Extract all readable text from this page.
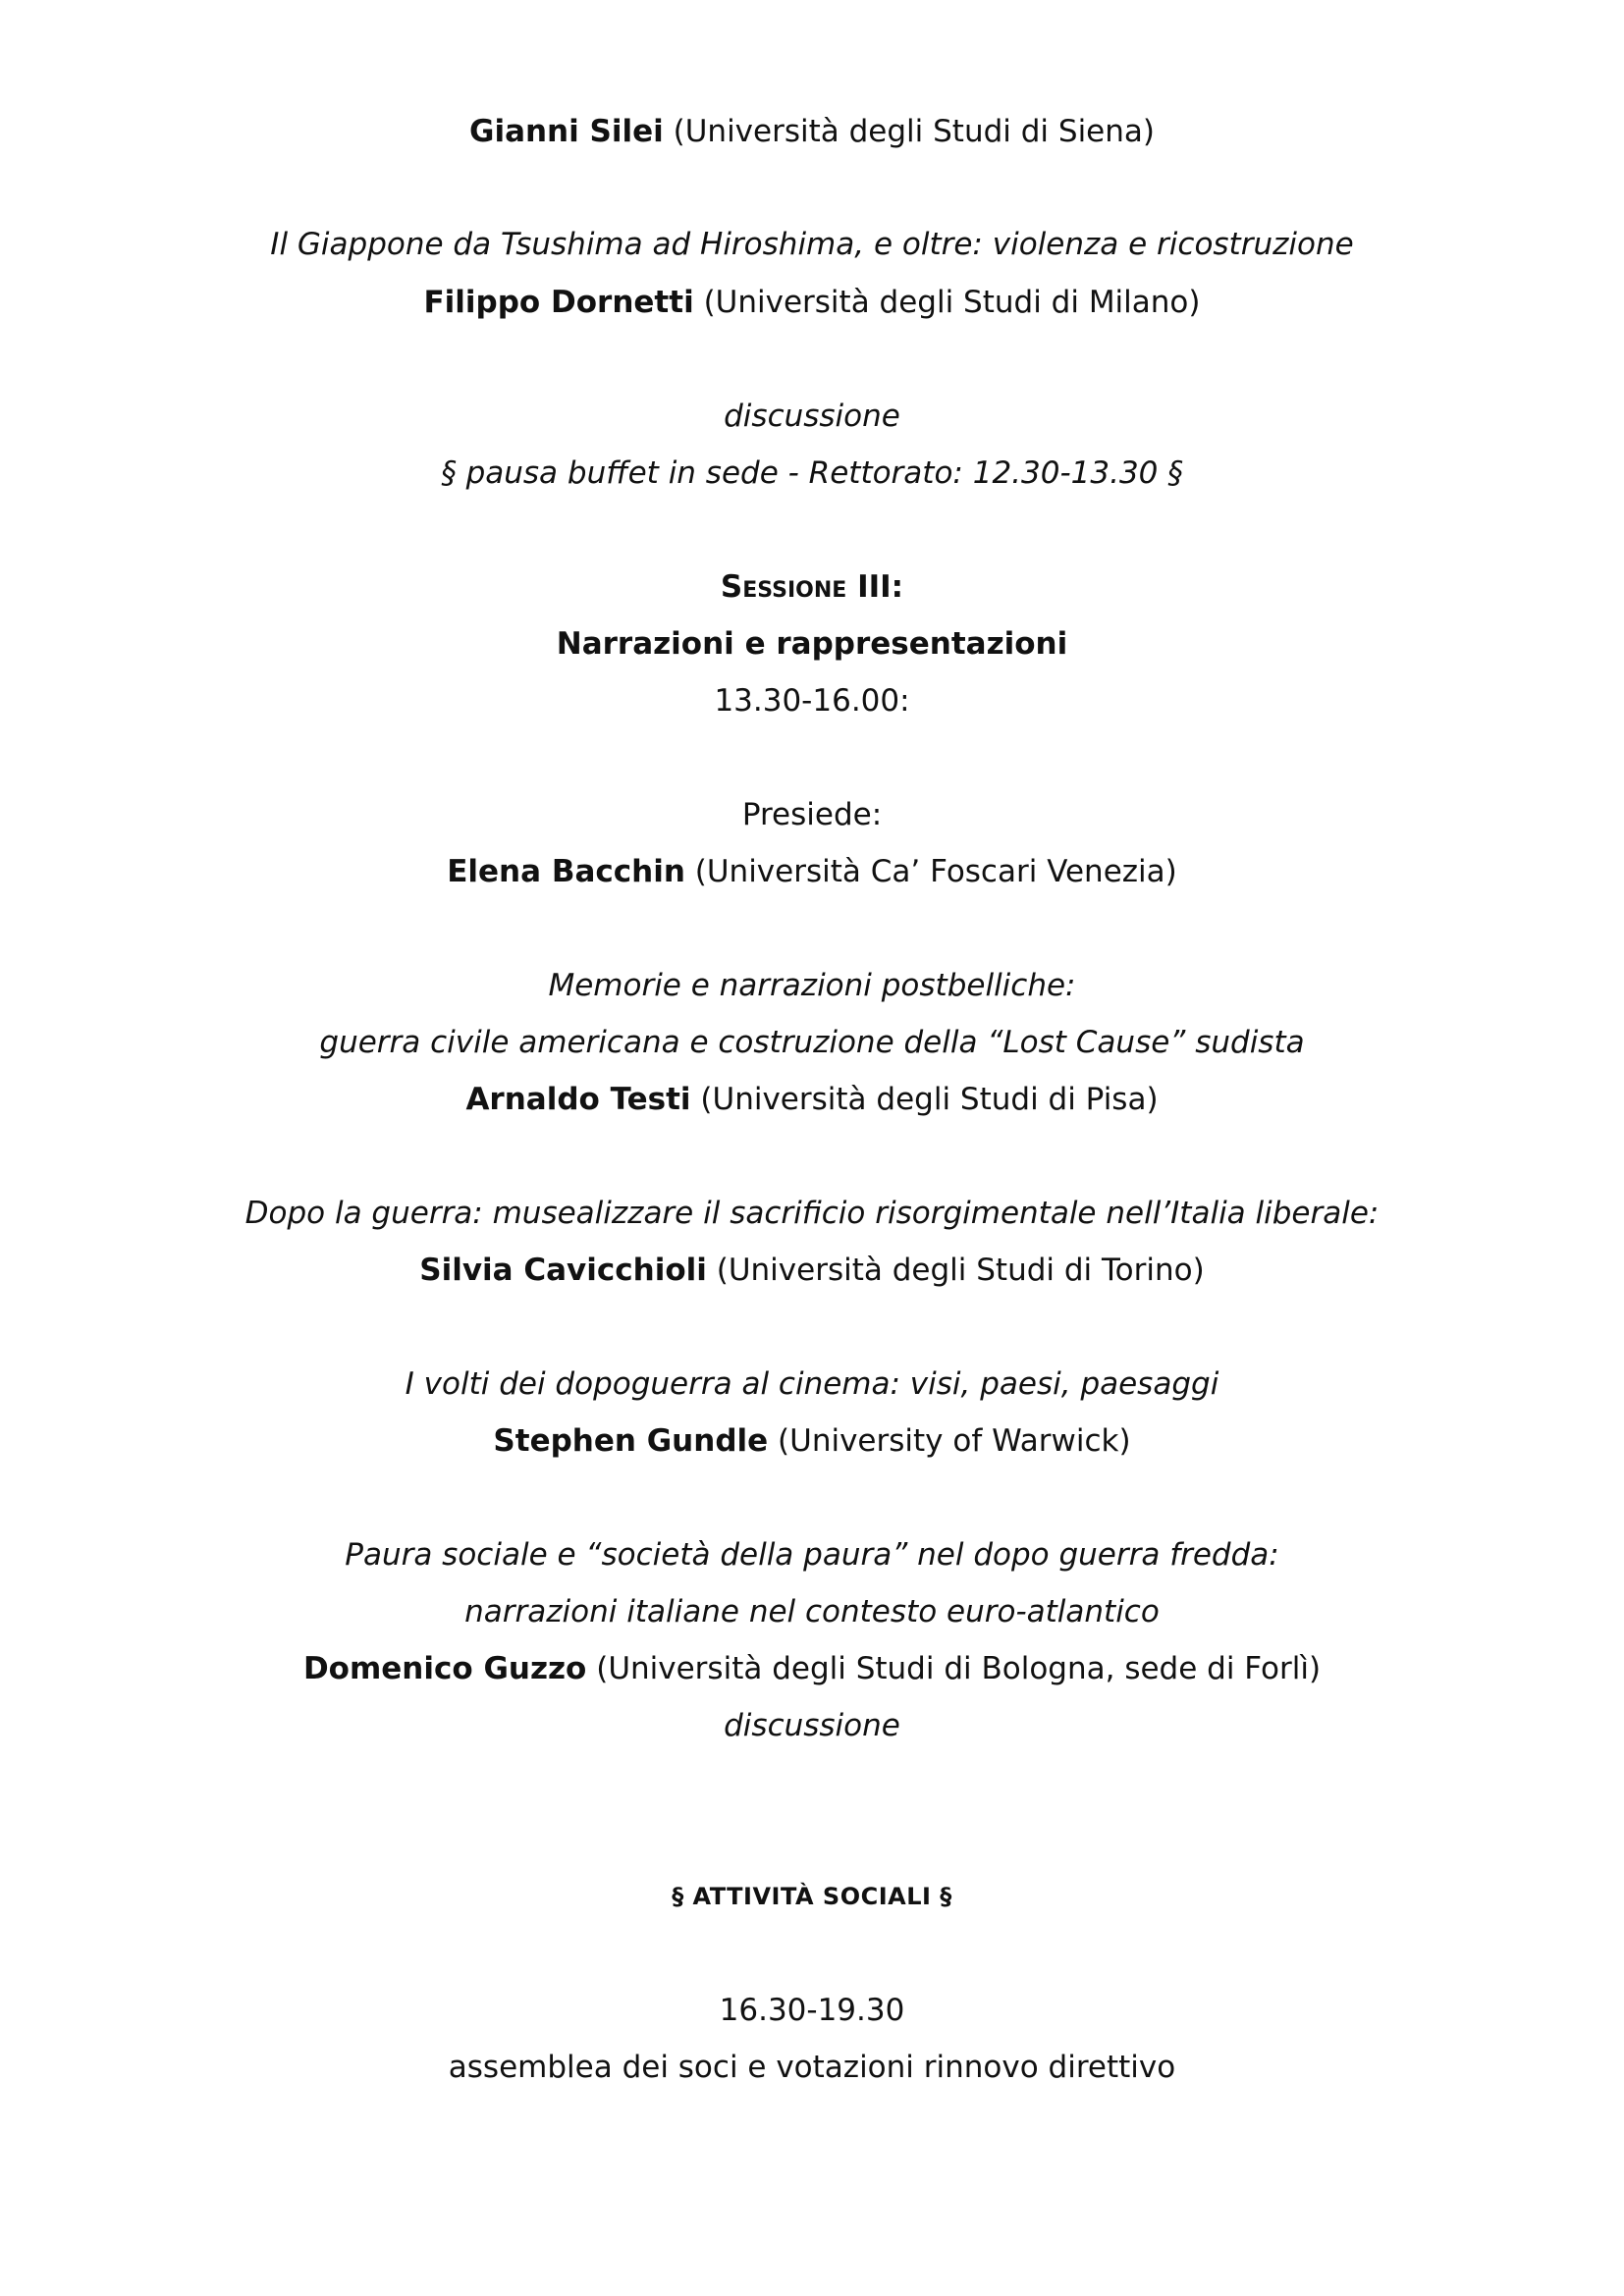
Gianni Silei (Università degli Studi di Siena)
Il Giappone da Tsushima ad Hiroshima, e oltre: violenza e ricostruzione
Filippo Dornetti (Università degli Studi di Milano)
discussione
§ pausa buffet in sede - Rettorato: 12.30-13.30 §
Sessione III:
Narrazioni e rappresentazioni
13.30-16.00:
Presiede:
Elena Bacchin (Università Ca’ Foscari Venezia)
Memorie e narrazioni postbelliche:
guerra civile americana e costruzione della “Lost Cause” sudista
Arnaldo Testi (Università degli Studi di Pisa)
Dopo la guerra: musealizzare il sacrificio risorgimentale nell’Italia liberale:
Silvia Cavicchioli (Università degli Studi di Torino)
I volti dei dopoguerra al cinema: visi, paesi, paesaggi
Stephen Gundle (University of Warwick)
Paura sociale e “società della paura” nel dopo guerra fredda:
narrazioni italiane nel contesto euro-atlantico
Domenico Guzzo (Università degli Studi di Bologna, sede di Forlì)
discussione
§ ATTIVITÀ SOCIALI §
16.30-19.30
assemblea dei soci e votazioni rinnovo direttivo
